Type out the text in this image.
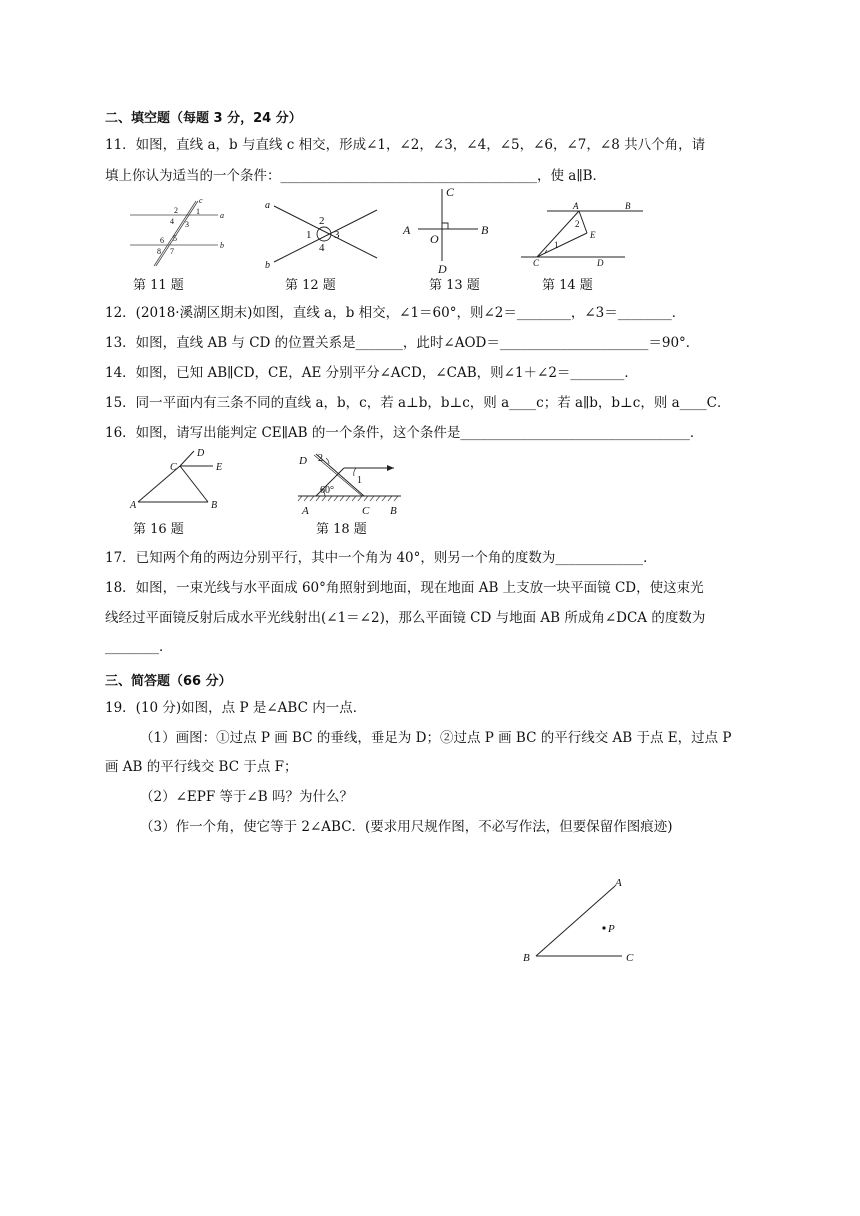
二、填空题（每题 3 分，24 分）
11．如图，直线 a，b 与直线 c 相交，形成∠1，∠2，∠3，∠4，∠5，∠6，∠7，∠8 共八个角，请
填上你认为适当的一个条件：______________________________________，使 a∥B．
a
b
c
2 1
4 3
6 5
8 7
第 11 题
a
b
2
1 3
4
第 12 题
A	B
C
D
O
第 13 题
A	B
C	D
E
1
2
第 14 题
12．(2018·溪湖区期末)如图，直线 a，b 相交，∠1＝60°，则∠2＝________，∠3＝________．
13．如图，直线 AB 与 CD 的位置关系是_______，此时∠AOD＝______________________＝90°．
14．如图，已知 AB∥CD，CE，AE 分别平分∠ACD，∠CAB，则∠1＋∠2＝________．
15．同一平面内有三条不同的直线 a，b，c，若 a⊥b，b⊥c，则 a____c；若 a∥b，b⊥c，则 a____C．
16．如图，请写出能判定 CE∥AB 的一个条件，这个条件是__________________________________．
A	B
C
D
E
第 16 题
D 2
1
60°
A	C B
第 18 题
17．已知两个角的两边分别平行，其中一个角为 40°，则另一个角的度数为_____________．
18．如图，一束光线与水平面成 60°角照射到地面，现在地面 AB 上支放一块平面镜 CD，使这束光
线经过平面镜反射后成水平光线射出(∠1＝∠2)，那么平面镜 CD 与地面 AB 所成角∠DCA 的度数为
________．
三、简答题（66 分）
19．(10 分)如图，点 P 是∠ABC 内一点．
（1）画图：①过点 P 画 BC 的垂线，垂足为 D；②过点 P 画 BC 的平行线交 AB 于点 E，过点 P
画 AB 的平行线交 BC 于点 F；
（2）∠EPF 等于∠B 吗？为什么？
（3）作一个角，使它等于 2∠ABC．(要求用尺规作图，不必写作法，但要保留作图痕迹)
B
A
C
P
